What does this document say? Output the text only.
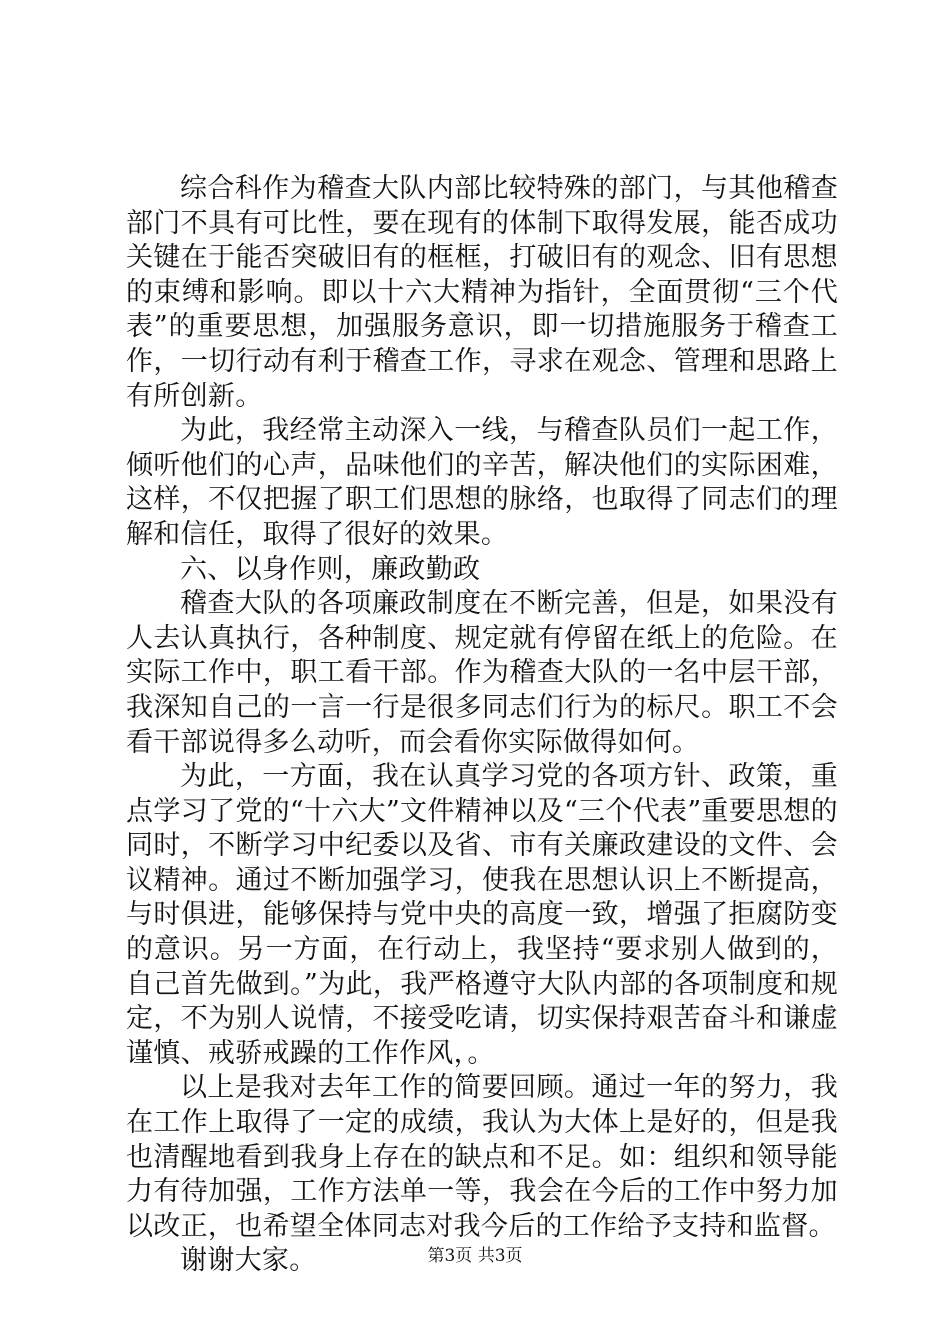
综合科作为稽查大队内部比较特殊的部门，与其他稽查部门不具有可比性，要在现有的体制下取得发展，能否成功关键在于能否突破旧有的框框，打破旧有的观念、旧有思想的束缚和影响。即以十六大精神为指针，全面贯彻“三个代表”的重要思想，加强服务意识，即一切措施服务于稽查工作，一切行动有利于稽查工作，寻求在观念、管理和思路上有所创新。

为此，我经常主动深入一线，与稽查队员们一起工作，倾听他们的心声，品味他们的辛苦，解决他们的实际困难，这样，不仅把握了职工们思想的脉络，也取得了同志们的理解和信任，取得了很好的效果。

六、以身作则，廉政勤政

稽查大队的各项廉政制度在不断完善，但是，如果没有人去认真执行，各种制度、规定就有停留在纸上的危险。在实际工作中，职工看干部。作为稽查大队的一名中层干部，我深知自己的一言一行是很多同志们行为的标尺。职工不会看干部说得多么动听，而会看你实际做得如何。

为此，一方面，我在认真学习党的各项方针、政策，重点学习了党的“十六大”文件精神以及“三个代表”重要思想的同时，不断学习中纪委以及省、市有关廉政建设的文件、会议精神。通过不断加强学习，使我在思想认识上不断提高，与时俱进，能够保持与党中央的高度一致，增强了拒腐防变的意识。另一方面，在行动上，我坚持“要求别人做到的，自己首先做到。”为此，我严格遵守大队内部的各项制度和规定，不为别人说情，不接受吃请，切实保持艰苦奋斗和谦虚谨慎、戒骄戒躁的工作作风，。

以上是我对去年工作的简要回顾。通过一年的努力，我在工作上取得了一定的成绩，我认为大体上是好的，但是我也清醒地看到我身上存在的缺点和不足。如：组织和领导能力有待加强，工作方法单一等，我会在今后的工作中努力加以改正，也希望全体同志对我今后的工作给予支持和监督。

谢谢大家。	第3页 共3页
